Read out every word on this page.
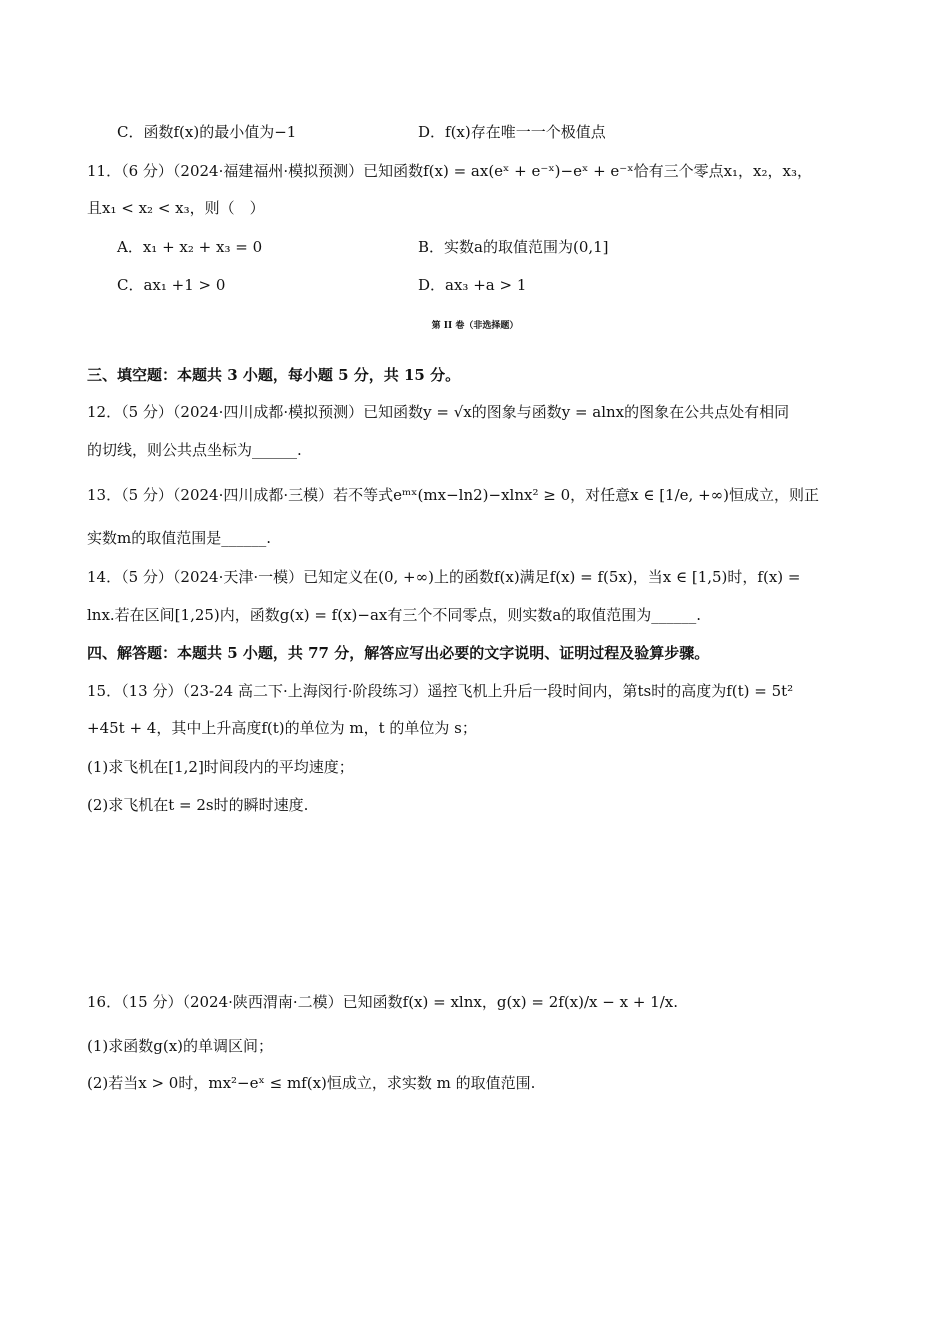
C．函数f(x)的最小值为−1	D．f(x)存在唯一一个极值点
11．（6 分）（2024·福建福州·模拟预测）已知函数f(x) = ax(eˣ + e⁻ˣ)−eˣ + e⁻ˣ恰有三个零点x₁，x₂，x₃，
且x₁ < x₂ < x₃，则（　）
A．x₁ + x₂ + x₃ = 0	B．实数a的取值范围为(0,1]
C．ax₁ +1 > 0	D．ax₃ +a > 1
第 II 卷（非选择题）
三、填空题：本题共 3 小题，每小题 5 分，共 15 分。
12．（5 分）（2024·四川成都·模拟预测）已知函数y = √x的图象与函数y = alnx的图象在公共点处有相同
的切线，则公共点坐标为______.
13．（5 分）（2024·四川成都·三模）若不等式eᵐˣ(mx−ln2)−xlnx² ≥ 0，对任意x ∈ [1/e, +∞)恒成立，则正
实数m的取值范围是______.
14．（5 分）（2024·天津·一模）已知定义在(0, +∞)上的函数f(x)满足f(x) = f(5x)，当x ∈ [1,5)时，f(x) =
lnx.若在区间[1,25)内，函数g(x) = f(x)−ax有三个不同零点，则实数a的取值范围为______.
四、解答题：本题共 5 小题，共 77 分，解答应写出必要的文字说明、证明过程及验算步骤。
15．（13 分）（23-24 高二下·上海闵行·阶段练习）遥控飞机上升后一段时间内，第ts时的高度为f(t) = 5t²
+45t + 4，其中上升高度f(t)的单位为 m，t 的单位为 s；
(1)求飞机在[1,2]时间段内的平均速度；
(2)求飞机在t = 2s时的瞬时速度.
16．（15 分）（2024·陕西渭南·二模）已知函数f(x) = xlnx，g(x) = 2f(x)/x − x + 1/x.
(1)求函数g(x)的单调区间；
(2)若当x > 0时，mx²−eˣ ≤ mf(x)恒成立，求实数 m 的取值范围.
